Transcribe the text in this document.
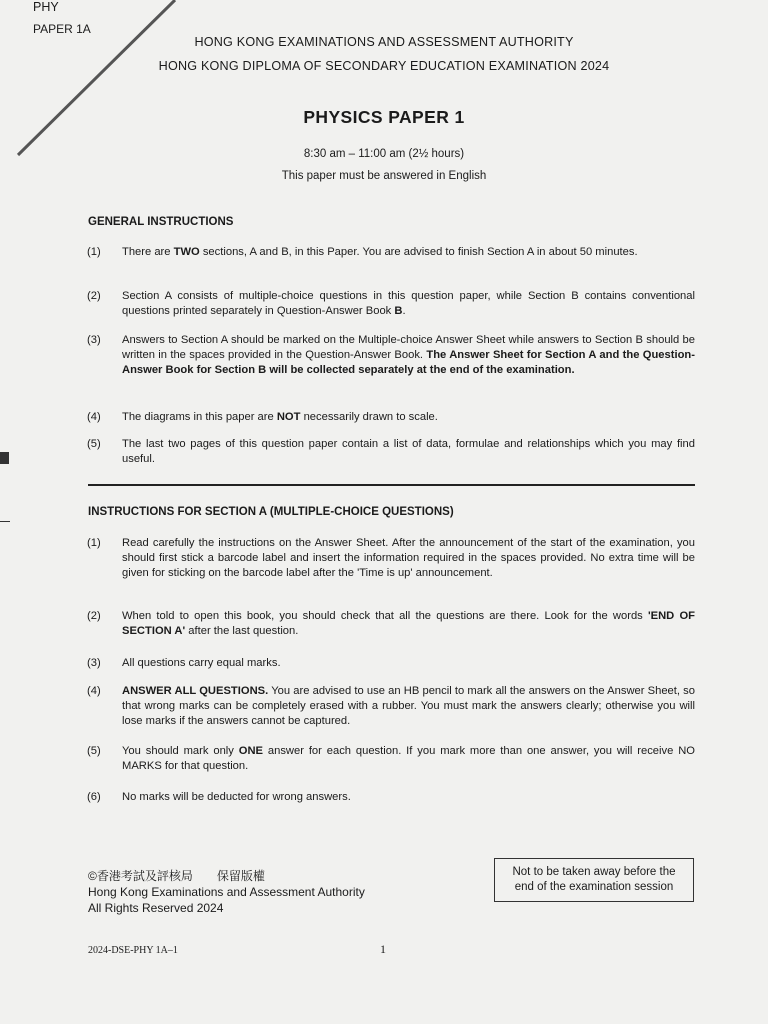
PHY
PAPER 1A
HONG KONG EXAMINATIONS AND ASSESSMENT AUTHORITY
HONG KONG DIPLOMA OF SECONDARY EDUCATION EXAMINATION 2024
PHYSICS PAPER 1
8:30 am – 11:00 am (2½ hours)
This paper must be answered in English
GENERAL INSTRUCTIONS
(1) There are TWO sections, A and B, in this Paper. You are advised to finish Section A in about 50 minutes.
(2) Section A consists of multiple-choice questions in this question paper, while Section B contains conventional questions printed separately in Question-Answer Book B.
(3) Answers to Section A should be marked on the Multiple-choice Answer Sheet while answers to Section B should be written in the spaces provided in the Question-Answer Book. The Answer Sheet for Section A and the Question-Answer Book for Section B will be collected separately at the end of the examination.
(4) The diagrams in this paper are NOT necessarily drawn to scale.
(5) The last two pages of this question paper contain a list of data, formulae and relationships which you may find useful.
INSTRUCTIONS FOR SECTION A (MULTIPLE-CHOICE QUESTIONS)
(1) Read carefully the instructions on the Answer Sheet. After the announcement of the start of the examination, you should first stick a barcode label and insert the information required in the spaces provided. No extra time will be given for sticking on the barcode label after the 'Time is up' announcement.
(2) When told to open this book, you should check that all the questions are there. Look for the words 'END OF SECTION A' after the last question.
(3) All questions carry equal marks.
(4) ANSWER ALL QUESTIONS. You are advised to use an HB pencil to mark all the answers on the Answer Sheet, so that wrong marks can be completely erased with a rubber. You must mark the answers clearly; otherwise you will lose marks if the answers cannot be captured.
(5) You should mark only ONE answer for each question. If you mark more than one answer, you will receive NO MARKS for that question.
(6) No marks will be deducted for wrong answers.
©香港考試及評核局　　保留版權
Hong Kong Examinations and Assessment Authority
All Rights Reserved 2024
Not to be taken away before the
end of the examination session
2024-DSE-PHY 1A–1	1
